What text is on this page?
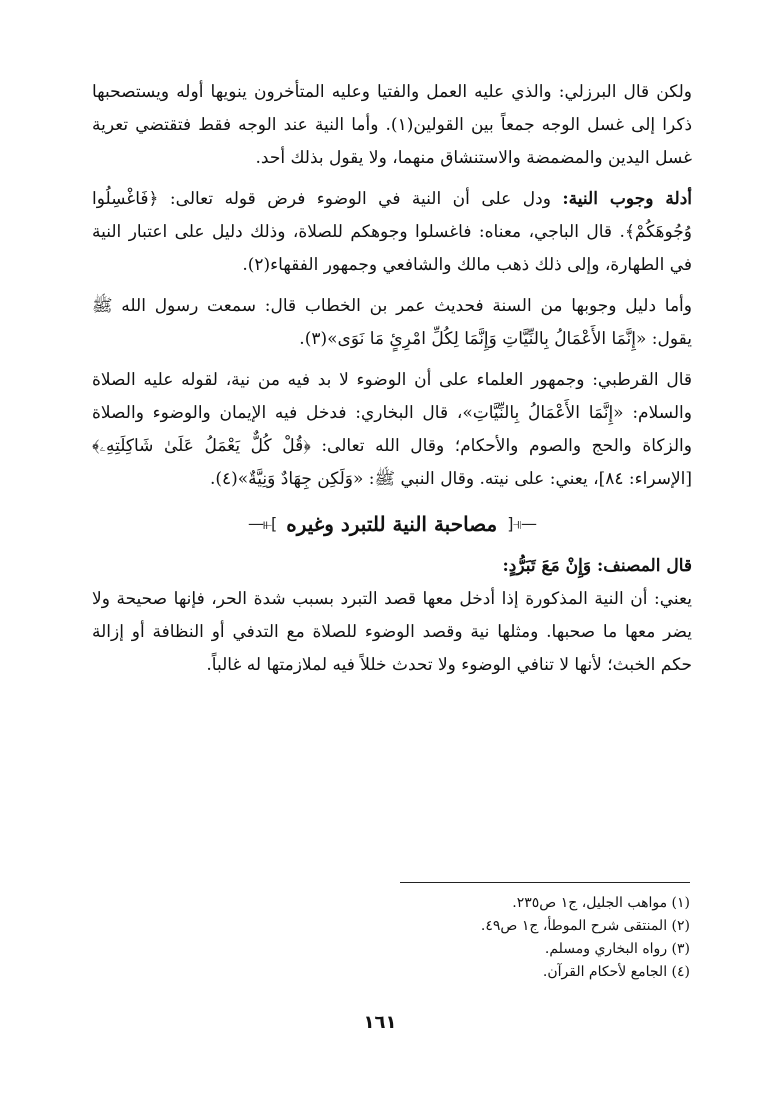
ولكن قال البرزلي: والذي عليه العمل والفتيا وعليه المتأخرون ينويها أوله ويستصحبها ذكرا إلى غسل الوجه جمعاً بين القولين(١). وأما النية عند الوجه فقط فتقتضي تعرية غسل اليدين والمضمضة والاستنشاق منهما، ولا يقول بذلك أحد.

أدلة وجوب النية: ودل على أن النية في الوضوء فرض قوله تعالى: ﴿فَاغْسِلُوا وُجُوهَكُمْ﴾. قال الباجي، معناه: فاغسلوا وجوهكم للصلاة، وذلك دليل على اعتبار النية في الطهارة، وإلى ذلك ذهب مالك والشافعي وجمهور الفقهاء(٢).

وأما دليل وجوبها من السنة فحديث عمر بن الخطاب قال: سمعت رسول الله ﷺ يقول: «إِنَّمَا الأَعْمَالُ بِالنِّيَّاتِ وَإِنَّمَا لِكُلِّ امْرِئٍ مَا نَوَى»(٣).

قال القرطبي: وجمهور العلماء على أن الوضوء لا بد فيه من نية، لقوله عليه الصلاة والسلام: «إِنَّمَا الأَعْمَالُ بِالنِّيَّاتِ»، قال البخاري: فدخل فيه الإيمان والوضوء والصلاة والزكاة والحج والصوم والأحكام؛ وقال الله تعالى: ﴿قُلْ كُلٌّ يَعْمَلُ عَلَىٰ شَاكِلَتِهِۦ﴾ [الإسراء: ٨٤]، يعني: على نيته. وقال النبي ﷺ: «وَلَكِن جِهَادٌ وَنِيَّةٌ»(٤).

—⫦[ مصاحبة النية للتبرد وغيره ]⫣—

قال المصنف: وَإِنْ مَعَ تَبَرُّدٍ:

يعني: أن النية المذكورة إذا أدخل معها قصد التبرد بسبب شدة الحر، فإنها صحيحة ولا يضر معها ما صحبها. ومثلها نية وقصد الوضوء للصلاة مع التدفي أو النظافة أو إزالة حكم الخبث؛ لأنها لا تنافي الوضوء ولا تحدث خللاً فيه لملازمتها له غالباً.

(١) مواهب الجليل، ج١ ص٢٣٥.

(٢) المنتقى شرح الموطأ، ج١ ص٤٩.

(٣) رواه البخاري ومسلم.

(٤) الجامع لأحكام القرآن.

١٦١
